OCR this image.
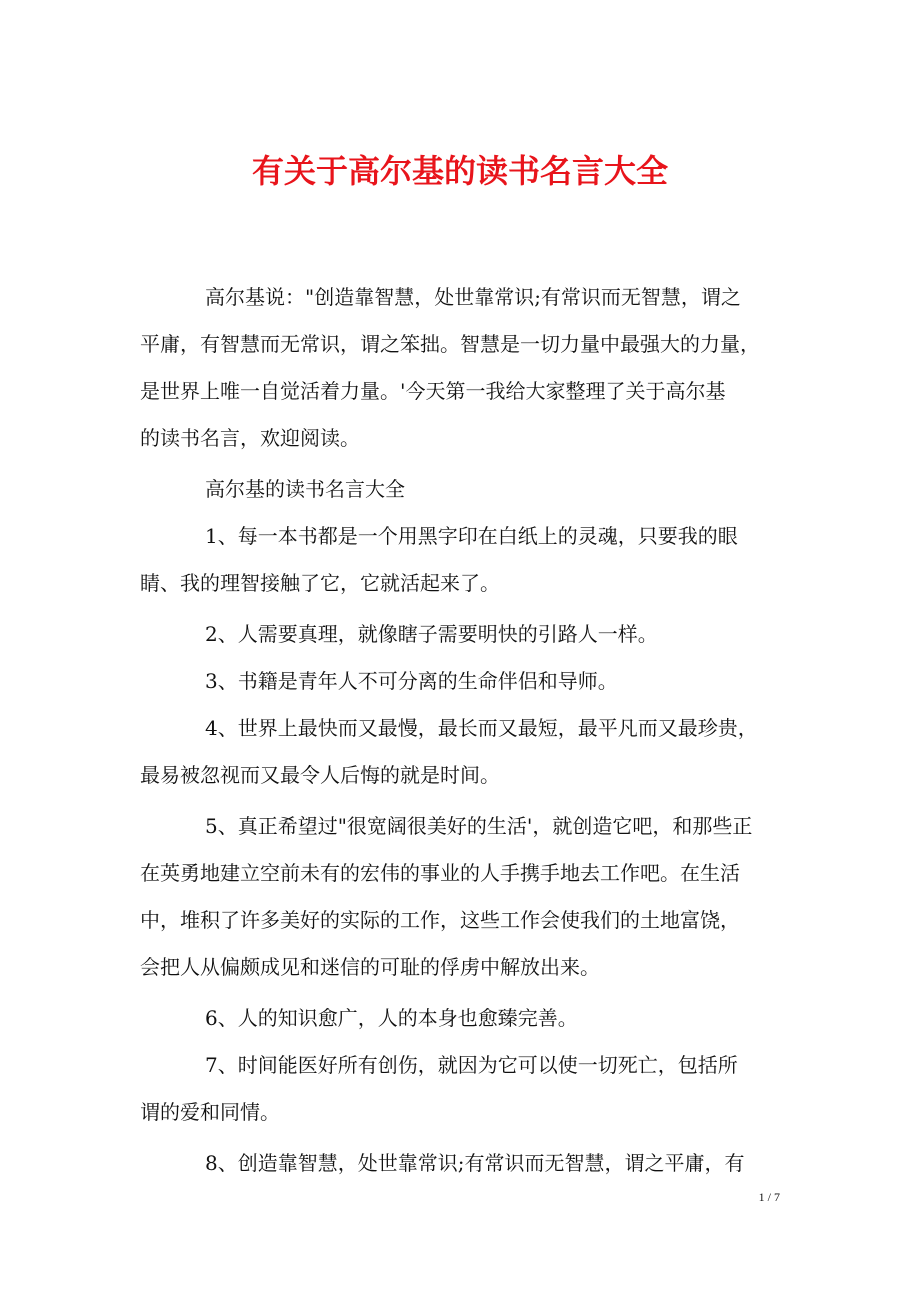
有关于高尔基的读书名言大全
高尔基说："创造靠智慧，处世靠常识;有常识而无智慧，谓之
平庸，有智慧而无常识，谓之笨拙。智慧是一切力量中最强大的力量，
是世界上唯一自觉活着力量。'今天第一我给大家整理了关于高尔基
的读书名言，欢迎阅读。
高尔基的读书名言大全
1、每一本书都是一个用黑字印在白纸上的灵魂，只要我的眼
睛、我的理智接触了它，它就活起来了。
2、人需要真理，就像瞎子需要明快的引路人一样。
3、书籍是青年人不可分离的生命伴侣和导师。
4、世界上最快而又最慢，最长而又最短，最平凡而又最珍贵，
最易被忽视而又最令人后悔的就是时间。
5、真正希望过"很宽阔很美好的生活'，就创造它吧，和那些正
在英勇地建立空前未有的宏伟的事业的人手携手地去工作吧。在生活
中，堆积了许多美好的实际的工作，这些工作会使我们的土地富饶，
会把人从偏颇成见和迷信的可耻的俘虏中解放出来。
6、人的知识愈广，人的本身也愈臻完善。
7、时间能医好所有创伤，就因为它可以使一切死亡，包括所
谓的爱和同情。
8、创造靠智慧，处世靠常识;有常识而无智慧，谓之平庸，有
1 / 7
